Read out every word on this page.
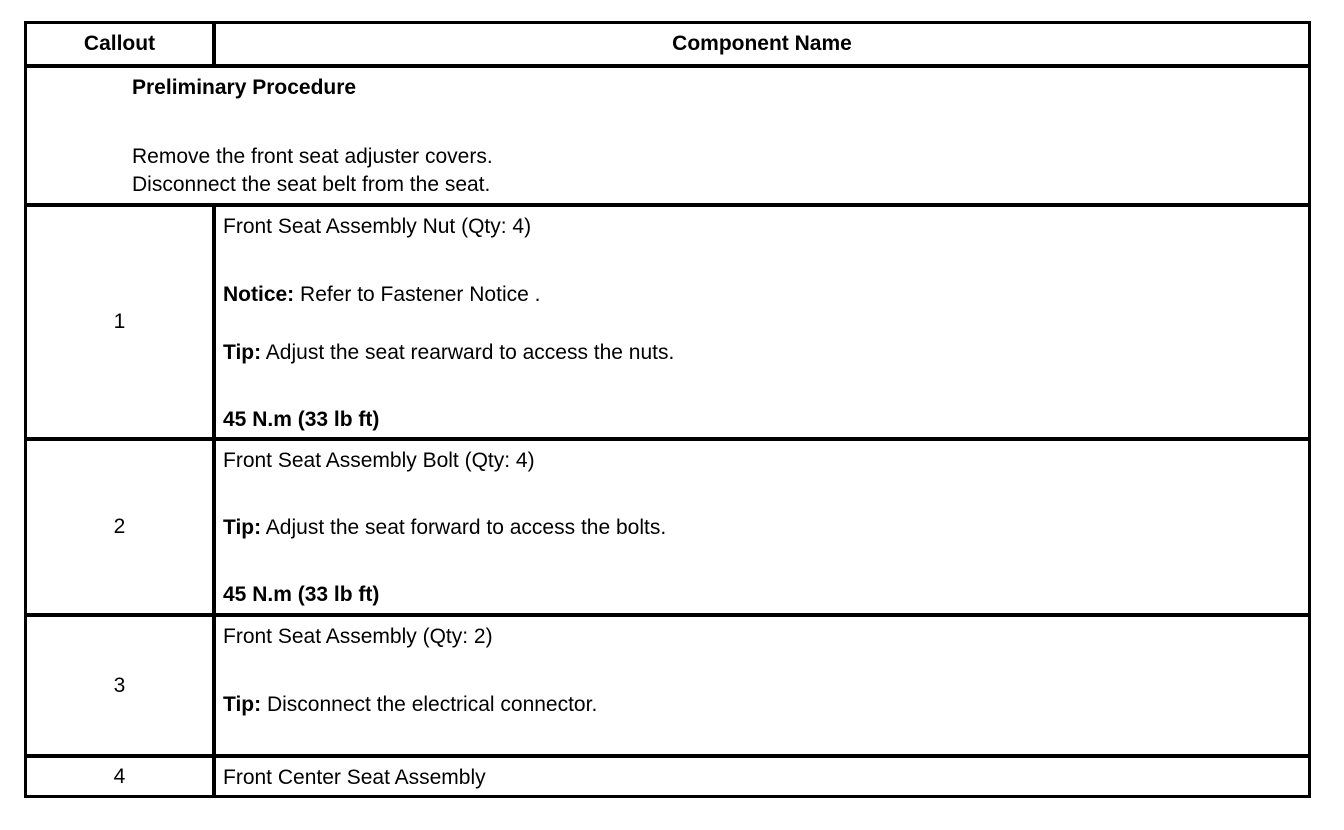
Callout	Component Name
Preliminary Procedure
Remove the front seat adjuster covers.
Disconnect the seat belt from the seat.
1
Front Seat Assembly Nut (Qty: 4)
Notice: Refer to Fastener Notice .
Tip: Adjust the seat rearward to access the nuts.
45 N.m (33 lb ft)
2
Front Seat Assembly Bolt (Qty: 4)
Tip: Adjust the seat forward to access the bolts.
45 N.m (33 lb ft)
3
Front Seat Assembly (Qty: 2)
Tip: Disconnect the electrical connector.
4	Front Center Seat Assembly
